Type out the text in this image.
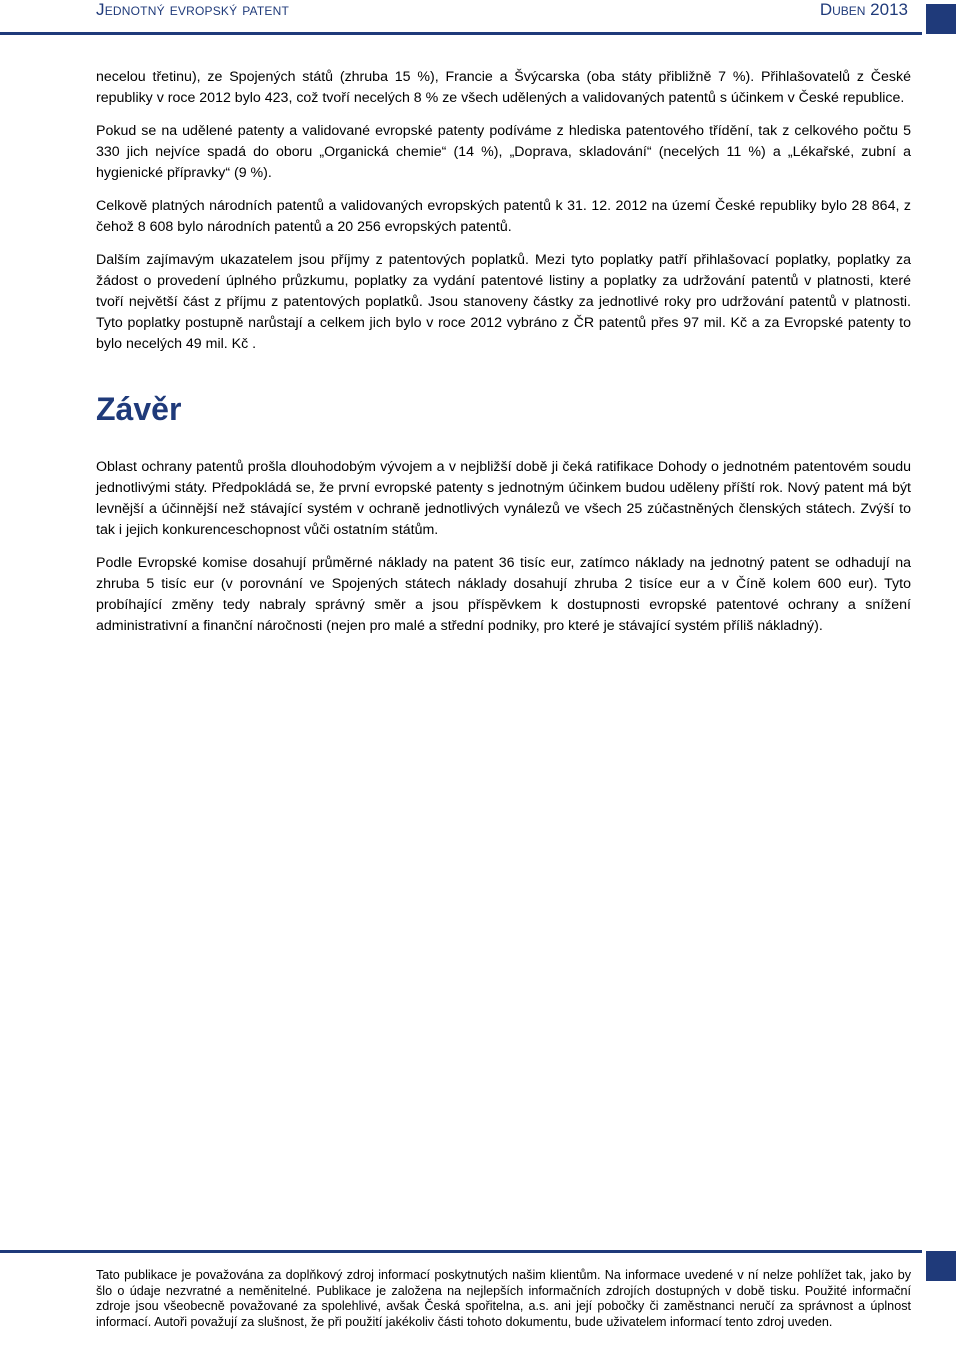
Jednotný evropský patent	Duben 2013

necelou třetinu), ze Spojených států (zhruba 15 %), Francie a Švýcarska (oba státy přibližně 7 %). Přihlašovatelů z České republiky v roce 2012 bylo 423, což tvoří necelých 8 % ze všech udělených a validovaných patentů s účinkem v České republice.

Pokud se na udělené patenty a validované evropské patenty podíváme z hlediska patentového třídění, tak z celkového počtu 5 330 jich nejvíce spadá do oboru „Organická chemie“ (14 %), „Doprava, skladování“ (necelých 11 %) a „Lékařské, zubní a hygienické přípravky“ (9 %).

Celkově platných národních patentů a validovaných evropských patentů k 31. 12. 2012 na území České republiky bylo 28 864, z čehož 8 608 bylo národních patentů a 20 256 evropských patentů.

Dalším zajímavým ukazatelem jsou příjmy z patentových poplatků. Mezi tyto poplatky patří přihlašovací poplatky, poplatky za žádost o provedení úplného průzkumu, poplatky za vydání patentové listiny a poplatky za udržování patentů v platnosti, které tvoří největší část z příjmu z patentových poplatků. Jsou stanoveny částky za jednotlivé roky pro udržování patentů v platnosti. Tyto poplatky postupně narůstají a celkem jich bylo v roce 2012 vybráno z ČR patentů přes 97 mil. Kč a za Evropské patenty to bylo necelých 49 mil. Kč .

Závěr

Oblast ochrany patentů prošla dlouhodobým vývojem a v nejbližší době ji čeká ratifikace Dohody o jednotném patentovém soudu jednotlivými státy. Předpokládá se, že první evropské patenty s jednotným účinkem budou uděleny příští rok. Nový patent má být levnější a účinnější než stávající systém v ochraně jednotlivých vynálezů ve všech 25 zúčastněných členských státech. Zvýší to tak i jejich konkurenceschopnost vůči ostatním státům.

Podle Evropské komise dosahují průměrné náklady na patent 36 tisíc eur, zatímco náklady na jednotný patent se odhadují na zhruba 5 tisíc eur (v porovnání ve Spojených státech náklady dosahují zhruba 2 tisíce eur a v Číně kolem 600 eur). Tyto probíhající změny tedy nabraly správný směr a jsou příspěvkem k dostupnosti evropské patentové ochrany a snížení administrativní a finanční náročnosti (nejen pro malé a střední podniky, pro které je stávající systém příliš nákladný).

Tato publikace je považována za doplňkový zdroj informací poskytnutých našim klientům. Na informace uvedené v ní nelze pohlížet tak, jako by šlo o údaje nezvratné a neměnitelné. Publikace je založena na nejlepších informačních zdrojích dostupných v době tisku. Použité informační zdroje jsou všeobecně považované za spolehlivé, avšak Česká spořitelna, a.s. ani její pobočky či zaměstnanci neručí za správnost a úplnost informací. Autoři považují za slušnost, že při použití jakékoliv části tohoto dokumentu, bude uživatelem informací tento zdroj uveden.
